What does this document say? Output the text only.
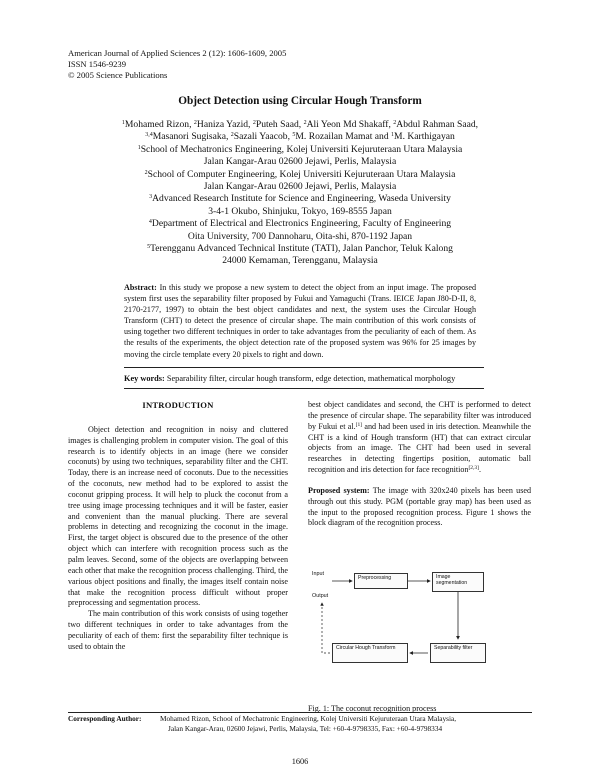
American Journal of Applied Sciences 2 (12): 1606-1609, 2005
ISSN 1546-9239
© 2005 Science Publications
Object Detection using Circular Hough Transform
$^1$Mohamed Rizon, $^2$Haniza Yazid, $^2$Puteh Saad, $^2$Ali Yeon Md Shakaff, $^2$Abdul Rahman Saad,
$^{3,4}$Masanori Sugisaka, $^2$Sazali Yaacob, $^5$M. Rozailan Mamat and $^1$M. Karthigayan
$^1$School of Mechatronics Engineering, Kolej Universiti Kejuruteraan Utara Malaysia
Jalan Kangar-Arau 02600 Jejawi, Perlis, Malaysia
$^2$School of Computer Engineering, Kolej Universiti Kejuruteraan Utara Malaysia
Jalan Kangar-Arau 02600 Jejawi, Perlis, Malaysia
$^3$Advanced Research Institute for Science and Engineering, Waseda University
3-4-1 Okubo, Shinjuku, Tokyo, 169-8555 Japan
$^4$Department of Electrical and Electronics Engineering, Faculty of Engineering
Oita University, 700 Dannoharu, Oita-shi, 870-1192 Japan
$^5$Terengganu Advanced Technical Institute (TATI), Jalan Panchor, Teluk Kalong
24000 Kemaman, Terengganu, Malaysia
Abstract: In this study we propose a new system to detect the object from an input image. The proposed system first uses the separability filter proposed by Fukui and Yamaguchi (Trans. IEICE Japan J80-D-II, 8, 2170-2177, 1997) to obtain the best object candidates and next, the system uses the Circular Hough Transform (CHT) to detect the presence of circular shape. The main contribution of this work consists of using together two different techniques in order to take advantages from the peculiarity of each of them. As the results of the experiments, the object detection rate of the proposed system was 96% for 25 images by moving the circle template every 20 pixels to right and down.
Key words: Separability filter, circular hough transform, edge detection, mathematical morphology
INTRODUCTION

Object detection and recognition in noisy and cluttered images is challenging problem in computer vision. The goal of this research is to identify objects in an image (here we consider coconuts) by using two techniques, separability filter and the CHT. Today, there is an increase need of coconuts. Due to the necessities of the coconuts, new method had to be explored to assist the coconut gripping process. It will help to pluck the coconut from a tree using image processing techniques and it will be faster, easier and convenient than the manual plucking. There are several problems in detecting and recognizing the coconut in the image. First, the target object is obscured due to the presence of the other object which can interfere with recognition process such as the palm leaves. Second, some of the objects are overlapping between each other that make the recognition process challenging. Third, the various object positions and finally, the images itself contain noise that make the recognition process difficult without proper preprocessing and segmentation process.

The main contribution of this work consists of using together two different techniques in order to take advantages from the peculiarity of each of them: first the separability filter technique is used to obtain the

best object candidates and second, the CHT is performed to detect the presence of circular shape. The separability filter was introduced by Fukui et al.[1] and had been used in iris detection. Meanwhile the CHT is a kind of Hough transform (HT) that can extract circular objects from an image. The CHT had been used in several researches in detecting fingertips position, automatic ball recognition and iris detection for face recognition[2,3].

Proposed system: The image with 320x240 pixels has been used through out this study. PGM (portable gray map) has been used as the input to the proposed recognition process. Figure 1 shows the block diagram of the recognition process.

Input
Output
Preprocessing	Image segmentation
Circular Hough Transform	Separability filter
Fig. 1: The coconut recognition process
Corresponding Author:	Mohamed Rizon, School of Mechatronic Engineering, Kolej Universiti Kejuruteraan Utara Malaysia,
Jalan Kangar-Arau, 02600 Jejawi, Perlis, Malaysia, Tel: +60-4-9798335, Fax: +60-4-9798334
1606
